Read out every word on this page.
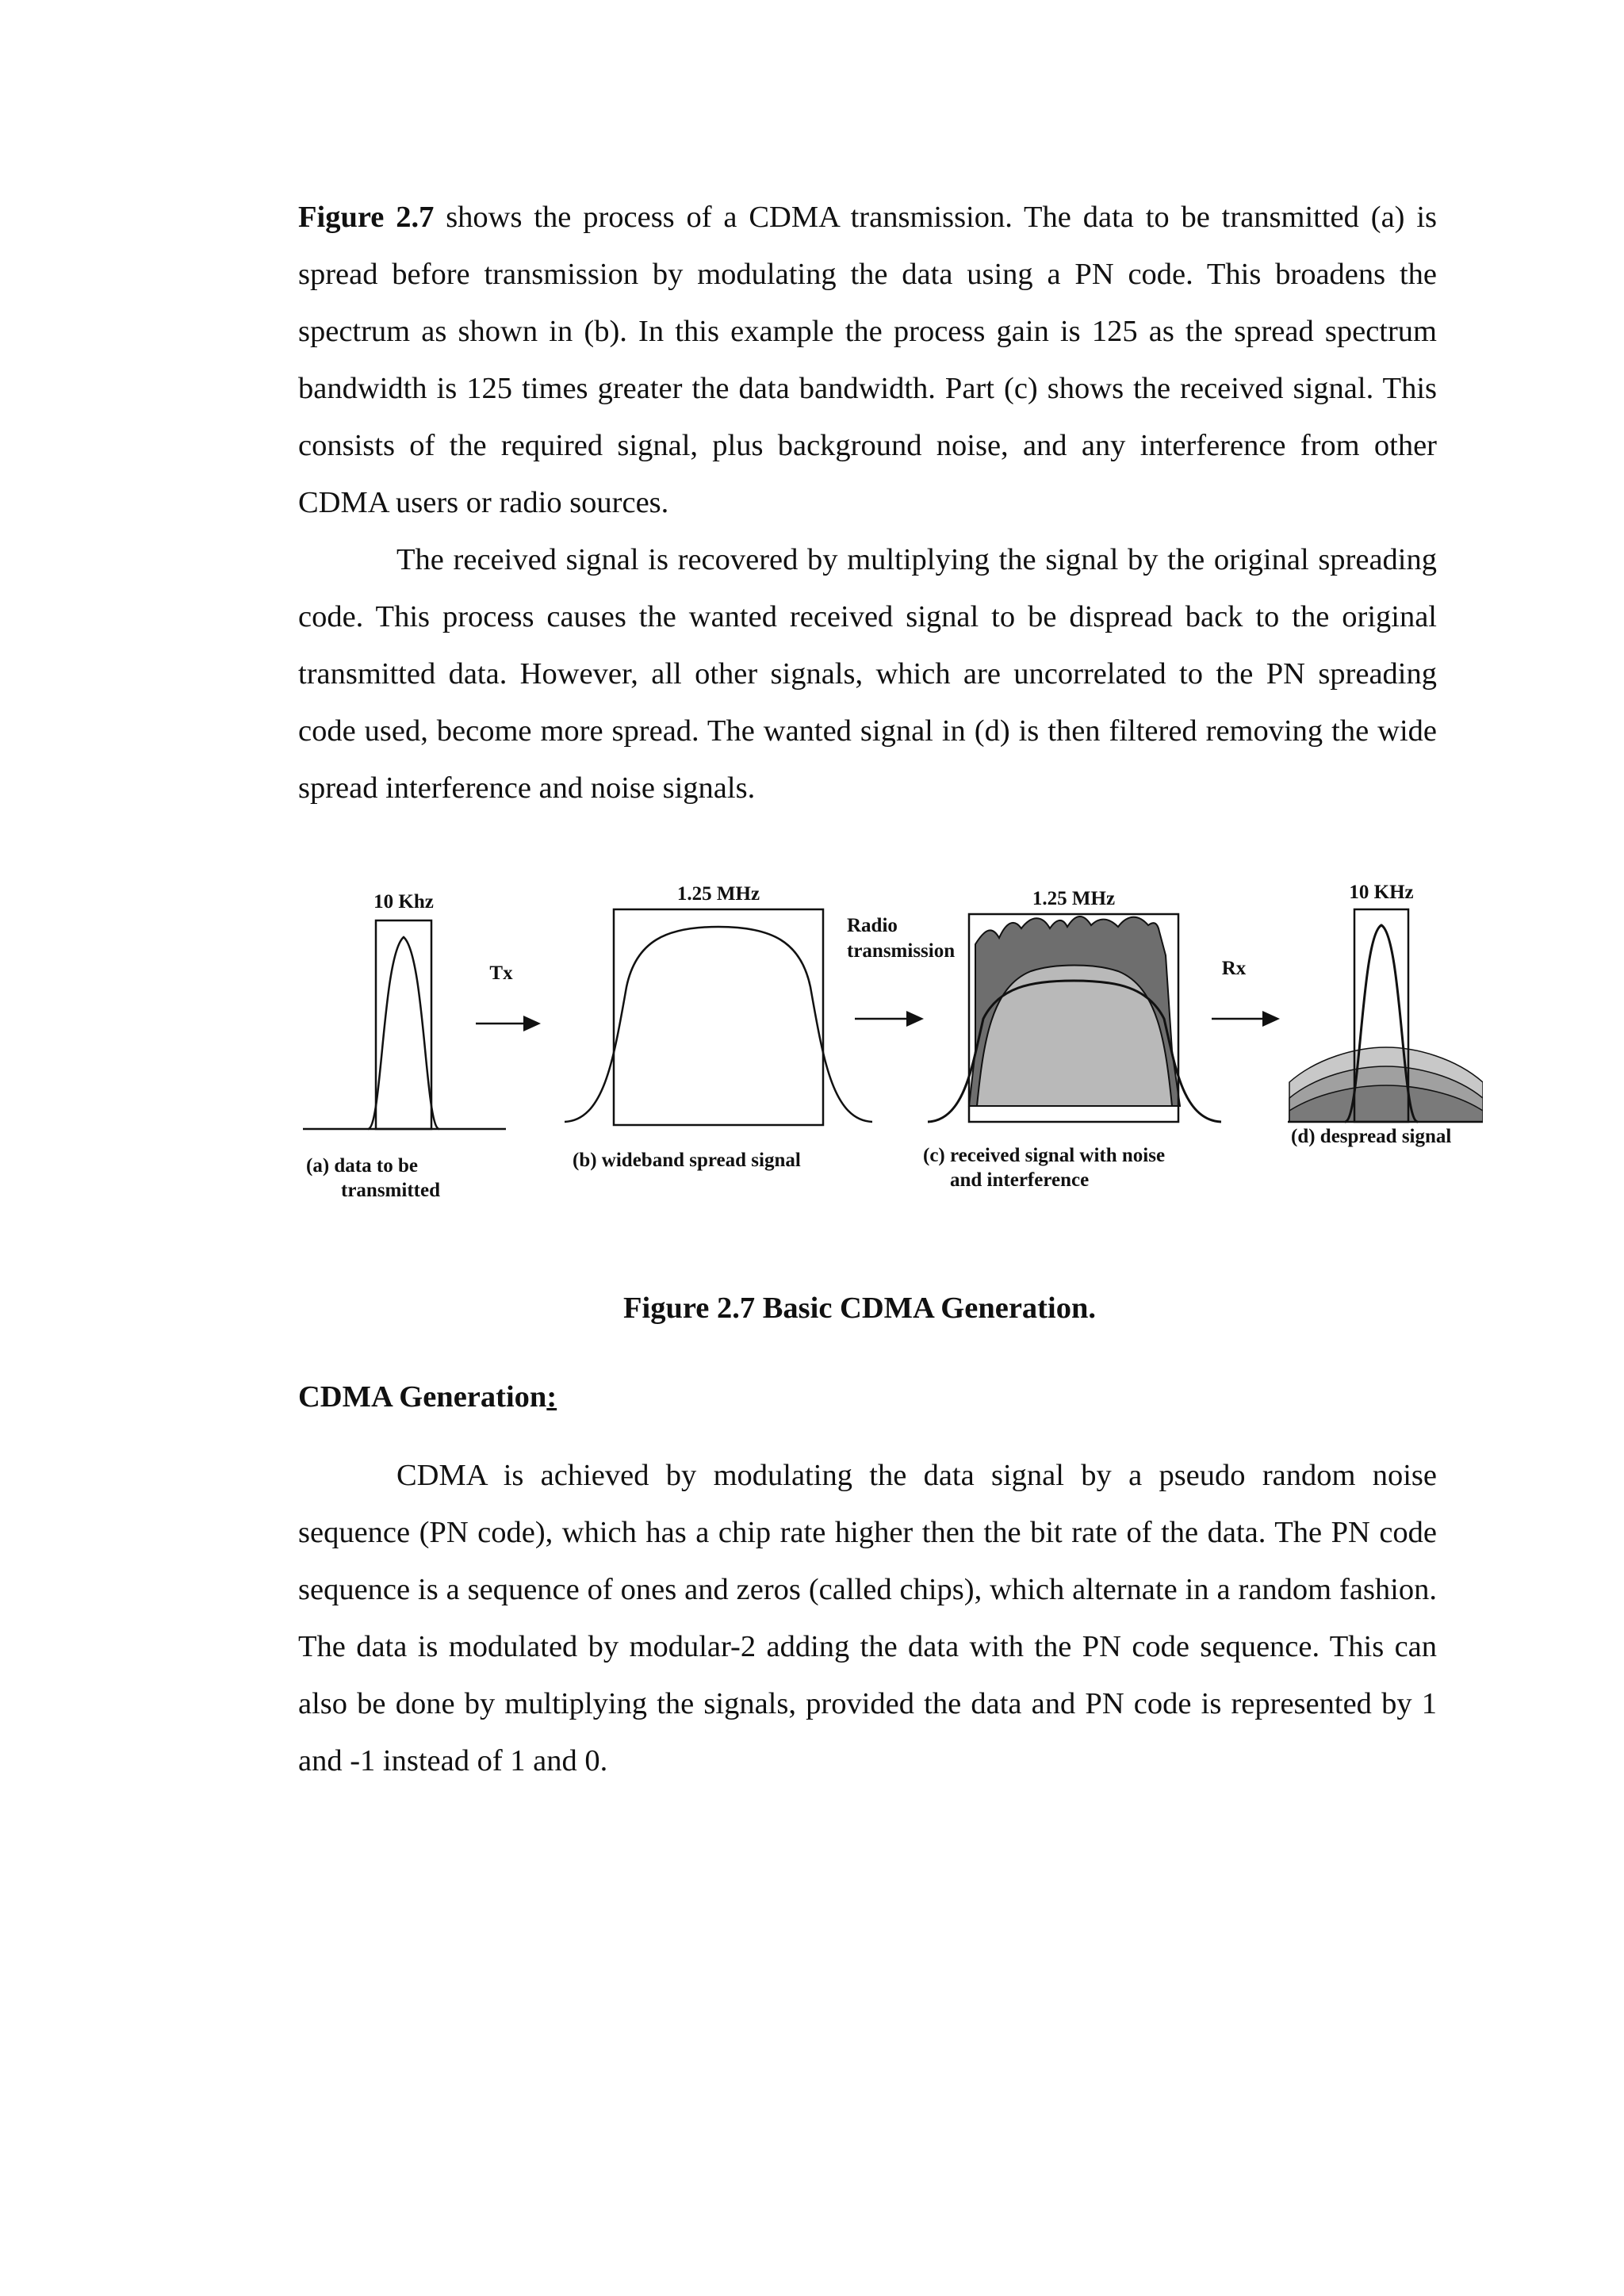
Figure 2.7 shows the process of a CDMA transmission. The data to be transmitted (a) is spread before transmission by modulating the data using a PN code. This broadens the spectrum as shown in (b). In this example the process gain is 125 as the spread spectrum bandwidth is 125 times greater the data bandwidth. Part (c) shows the received signal. This consists of the required signal, plus background noise, and any interference from other CDMA users or radio sources.

The received signal is recovered by multiplying the signal by the original spreading code. This process causes the wanted received signal to be dispread back to the original transmitted data. However, all other signals, which are uncorrelated to the PN spreading code used, become more spread. The wanted signal in (d) is then filtered removing the wide spread interference and noise signals.

10 Khz
(a) data to be
transmitted
Tx
1.25 MHz
(b) wideband spread signal
Radio
transmission
1.25 MHz
(c) received signal with noise
and interference
Rx
10 KHz
(d) despread signal

Figure 2.7 Basic CDMA Generation.

CDMA Generation:

CDMA is achieved by modulating the data signal by a pseudo random noise sequence (PN code), which has a chip rate higher then the bit rate of the data. The PN code sequence is a sequence of ones and zeros (called chips), which alternate in a random fashion. The data is modulated by modular-2 adding the data with the PN code sequence. This can also be done by multiplying the signals, provided the data and PN code is represented by 1 and -1 instead of 1 and 0.
